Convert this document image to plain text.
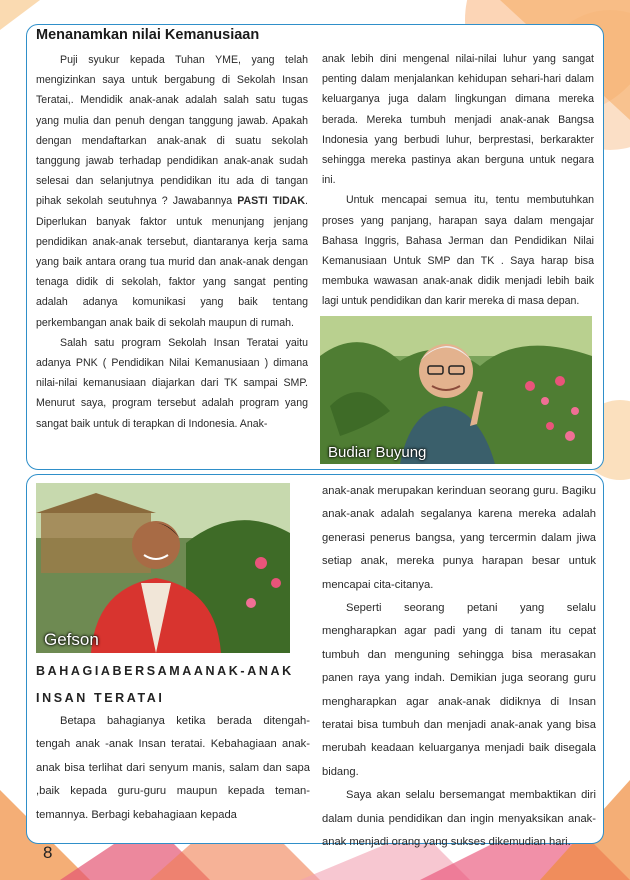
Menanamkan nilai Kemanusiaan

Puji syukur kepada Tuhan YME, yang telah mengizinkan saya untuk bergabung di Sekolah Insan Teratai,. Mendidik anak-anak adalah salah satu tugas yang mulia dan penuh dengan tanggung jawab. Apakah dengan mendaftarkan anak-anak di suatu sekolah tanggung jawab terhadap pendidikan anak-anak sudah selesai dan selanjutnya pendidikan itu ada di tangan pihak sekolah seutuhnya ? Jawabannya PASTI TIDAK. Diperlukan banyak faktor untuk menunjang jenjang pendidikan anak-anak tersebut, diantaranya kerja sama yang baik antara orang tua murid dan anak-anak dengan tenaga didik di sekolah, faktor yang sangat penting adalah adanya komunikasi yang baik tentang perkembangan anak baik di sekolah maupun di rumah.

Salah satu program Sekolah Insan Teratai yaitu adanya PNK ( Pendidikan Nilai Kemanusiaan ) dimana nilai-nilai kemanusiaan diajarkan dari TK sampai SMP. Menurut saya, program tersebut adalah program yang sangat baik untuk di terapkan di Indonesia. Anak-

anak lebih dini mengenal nilai-nilai luhur yang sangat penting dalam menjalankan kehidupan sehari-hari dalam keluarganya juga dalam lingkungan dimana mereka berada. Mereka tumbuh menjadi anak-anak Bangsa Indonesia yang berbudi luhur, berprestasi, berkarakter sehingga mereka pastinya akan berguna untuk negara ini.

Untuk mencapai semua itu, tentu membutuhkan proses yang panjang, harapan saya dalam mengajar Bahasa Inggris, Bahasa Jerman dan Pendidikan Nilai Kemanusiaan Untuk SMP dan TK . Saya harap bisa membuka wawasan anak-anak didik menjadi lebih baik lagi untuk pendidikan dan karir mereka di masa depan.

Budiar Buyung
Gefson
BAHAGIABERSAMAANAK-ANAK
INSAN TERATAI

Betapa bahagianya ketika berada ditengah-tengah anak -anak Insan teratai. Kebahagiaan anak-anak bisa terlihat dari senyum manis, salam dan sapa ,baik kepada guru-guru maupun kepada teman-temannya. Berbagi kebahagiaan kepada

anak-anak merupakan kerinduan seorang guru. Bagiku anak-anak adalah segalanya karena mereka adalah generasi penerus bangsa, yang tercermin dalam jiwa setiap anak, mereka punya harapan besar untuk mencapai cita-citanya.

Seperti seorang petani yang selalu mengharapkan agar padi yang di tanam itu cepat tumbuh dan menguning sehingga bisa merasakan panen raya yang indah. Demikian juga seorang guru mengharapkan agar anak-anak didiknya di Insan teratai bisa tumbuh dan menjadi anak-anak yang bisa merubah keadaan keluarganya menjadi baik disegala bidang.

Saya akan selalu bersemangat membaktikan diri dalam dunia pendidikan dan ingin menyaksikan anak-anak menjadi orang yang sukses dikemudian hari.

8
